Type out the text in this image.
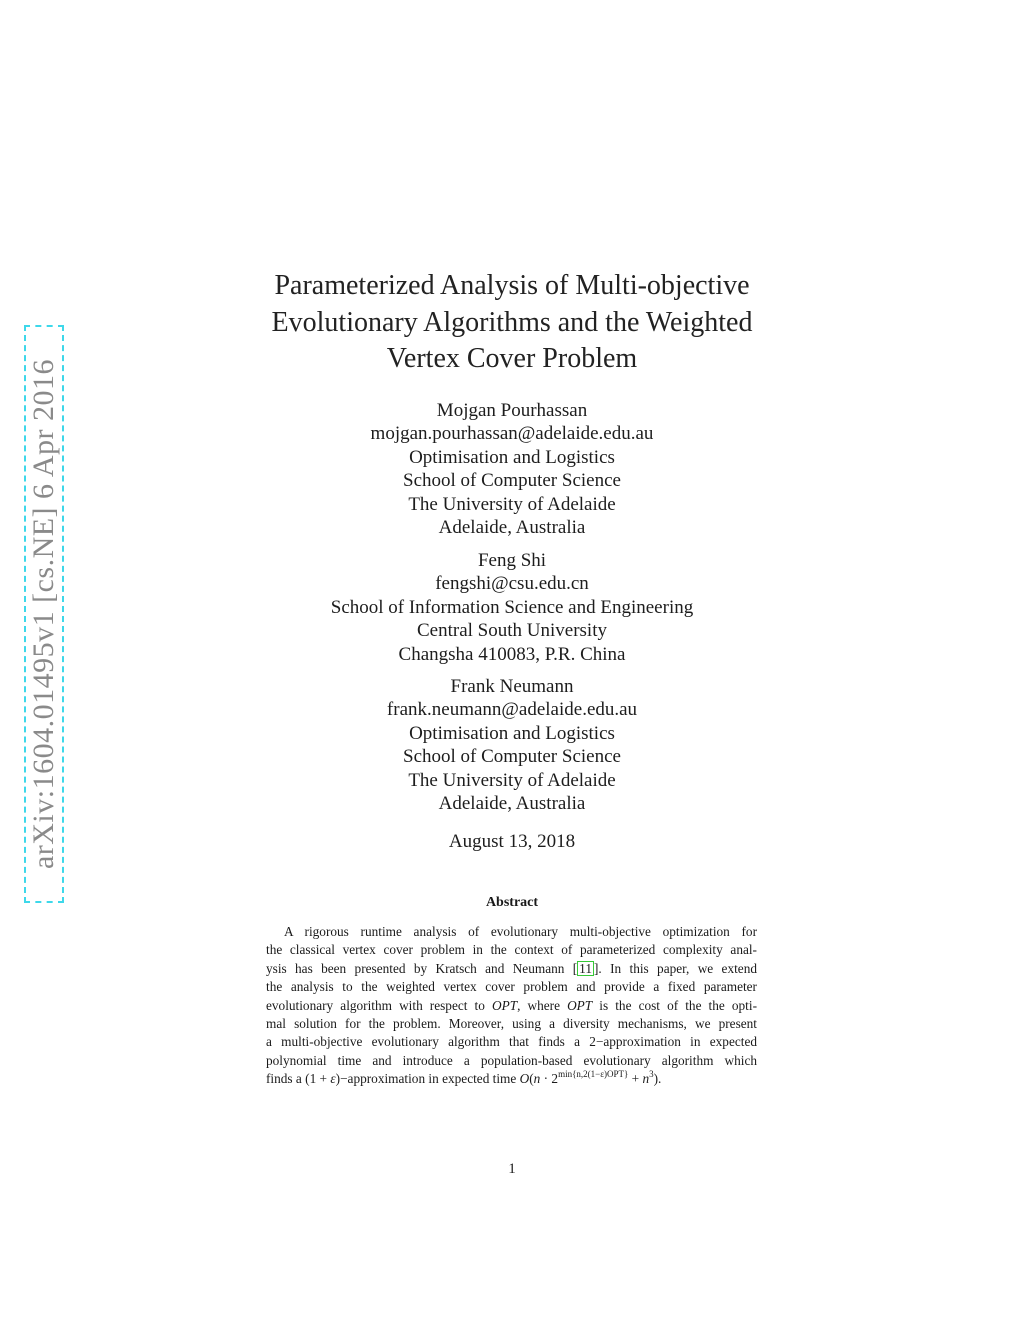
arXiv:1604.01495v1 [cs.NE] 6 Apr 2016
Parameterized Analysis of Multi-objective
Evolutionary Algorithms and the Weighted
Vertex Cover Problem
Mojgan Pourhassan
mojgan.pourhassan@adelaide.edu.au
Optimisation and Logistics
School of Computer Science
The University of Adelaide
Adelaide, Australia
Feng Shi
fengshi@csu.edu.cn
School of Information Science and Engineering
Central South University
Changsha 410083, P.R. China
Frank Neumann
frank.neumann@adelaide.edu.au
Optimisation and Logistics
School of Computer Science
The University of Adelaide
Adelaide, Australia
August 13, 2018
Abstract
A rigorous runtime analysis of evolutionary multi-objective optimization for
the classical vertex cover problem in the context of parameterized complexity anal-
ysis has been presented by Kratsch and Neumann [ 11 ]. In this paper, we extend
the analysis to the weighted vertex cover problem and provide a fixed parameter
evolutionary algorithm with respect to OPT, where OPT is the cost of the the opti-
mal solution for the problem. Moreover, using a diversity mechanisms, we present
a multi-objective evolutionary algorithm that finds a 2−approximation in expected
polynomial time and introduce a population-based evolutionary algorithm which
finds a (1 + ε)−approximation in expected time $O(n \cdot 2^{min\{n,2(1-\varepsilon)OPT\}} + n^3)$.
1
